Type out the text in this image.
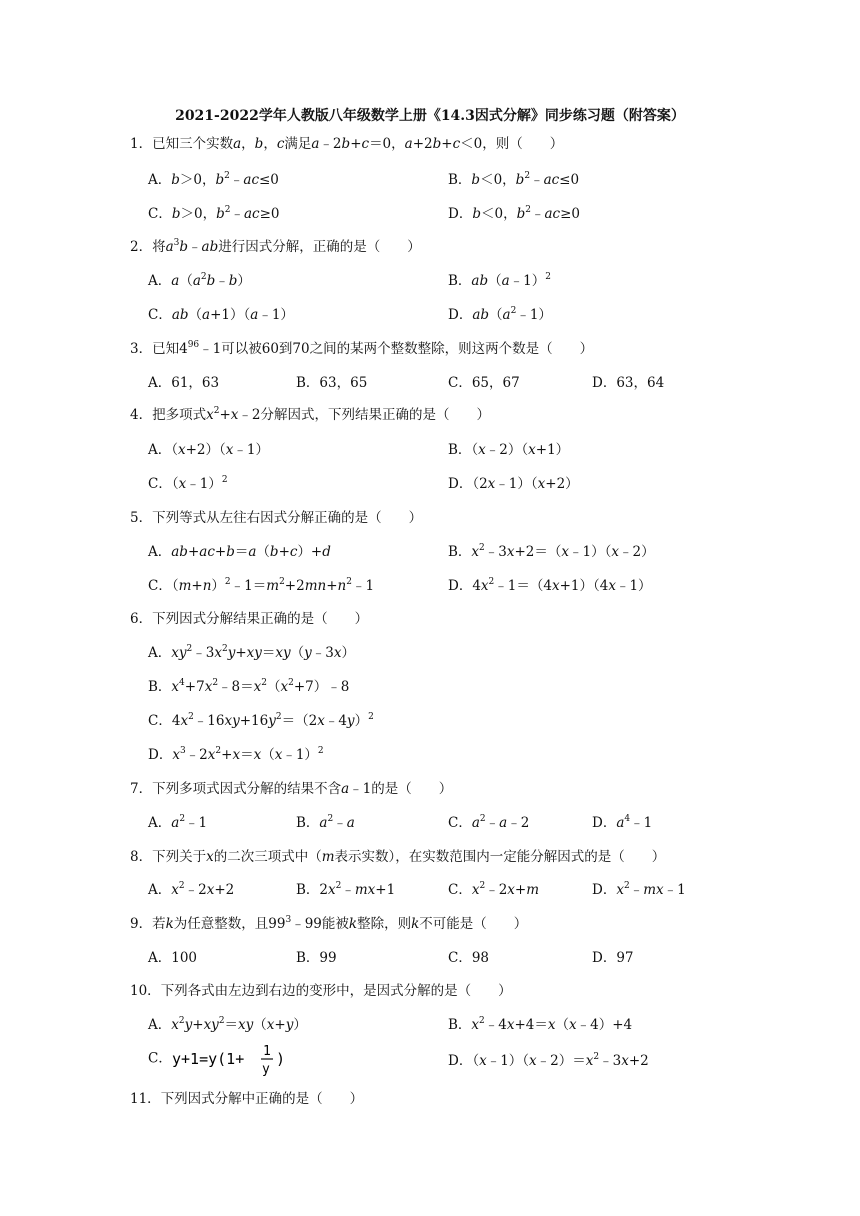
2021-2022学年人教版八年级数学上册《14.3因式分解》同步练习题（附答案）
1．已知三个实数a，b，c满足a﹣2b+c＝0，a+2b+c＜0，则（　　）
A．b＞0，$b^2﹣ac\le 0$	B．b＜0，$b^2﹣ac\le 0$
C．b＞0，$b^2﹣ac\ge 0$	D．b＜0，$b^2﹣ac\ge 0$
2．将$a^3b﹣ab$进行因式分解，正确的是（　　）
A．$a(a^2b﹣b)$	B．ab（a﹣1）$^2$
C．ab（a+1）（a﹣1）	D．$ab(a^2﹣1)$
3．已知$4^{96}﹣1$可以被60到70之间的某两个整数整除，则这两个数是（　　）
A．61，63	B．63，65	C．65，67	D．63，64
4．把多项式$x^2+x﹣2$分解因式，下列结果正确的是（　　）
A．（x+2）（x﹣1）	B．（x﹣2）（x+1）
C．（x﹣1）$^2$	D．（2x﹣1）（x+2）
5．下列等式从左往右因式分解正确的是（　　）
A．ab+ac+b＝a（b+c）+d	B．$x^2﹣3x+2=(x﹣1)(x﹣2)$
C．$(m+n)^2﹣1=m^2+2mn+n^2﹣1$	D．$4x^2﹣1=(4x+1)(4x﹣1)$
6．下列因式分解结果正确的是（　　）
A．$xy^2﹣3x^2y+xy=xy(y﹣3x)$
B．$x^4+7x^2﹣8=x^2(x^2+7)﹣8$
C．$4x^2﹣16xy+16y^2=(2x﹣4y)^2$
D．$x^3﹣2x^2+x=x(x﹣1)^2$
7．下列多项式因式分解的结果不含a﹣1的是（　　）
A．$a^2﹣1$	B．$a^2﹣a$	C．$a^2﹣a﹣2$	D．$a^4﹣1$
8．下列关于x的二次三项式中（m表示实数），在实数范围内一定能分解因式的是（　　）
A．$x^2﹣2x+2$	B．$2x^2﹣mx+1$	C．$x^2﹣2x+m$	D．$x^2﹣mx﹣1$
9．若k为任意整数，且$99^3﹣99$能被k整除，则k不可能是（　　）
A．100	B．99	C．98	D．97
10．下列各式由左边到右边的变形中，是因式分解的是（　　）
A．$x^2y+xy^2=xy(x+y)$	B．$x^2﹣4x+4=x(x﹣4)+4$
C． y+1=y(1+ 1
y
)	D．$(x﹣1)(x﹣2)=x^2﹣3x+2$
11．下列因式分解中正确的是（　　）
